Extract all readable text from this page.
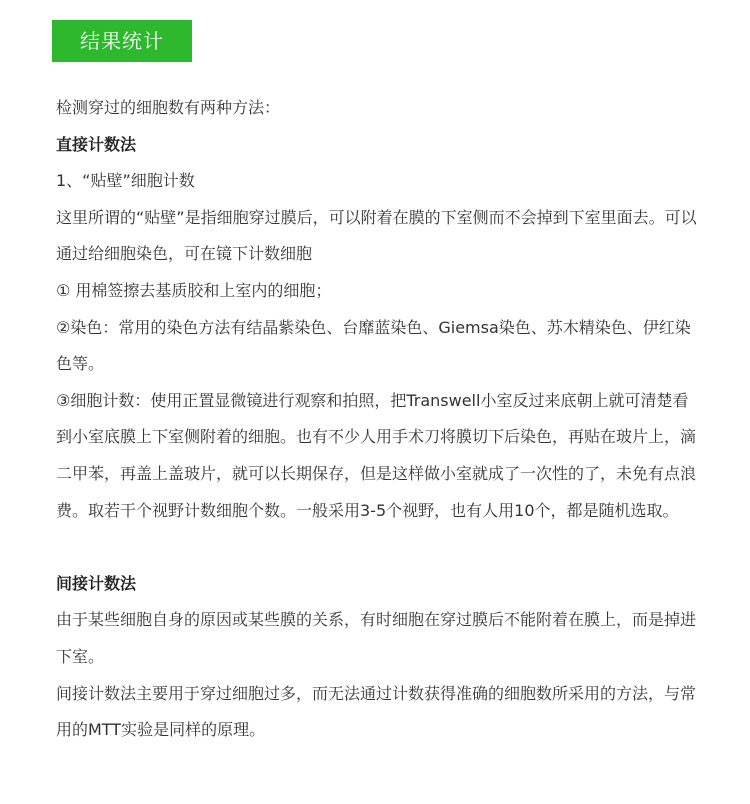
结果统计

检测穿过的细胞数有两种方法：

直接计数法

1、“贴壁”细胞计数

这里所谓的“贴壁”是指细胞穿过膜后，可以附着在膜的下室侧而不会掉到下室里面去。可以通过给细胞染色，可在镜下计数细胞

① 用棉签擦去基质胶和上室内的细胞；

②染色：常用的染色方法有结晶紫染色、台靡蓝染色、Giemsa染色、苏木精染色、伊红染色等。

③细胞计数：使用正置显微镜进行观察和拍照，把Transwell小室反过来底朝上就可清楚看到小室底膜上下室侧附着的细胞。也有不少人用手术刀将膜切下后染色，再贴在玻片上，滴二甲苯，再盖上盖玻片，就可以长期保存，但是这样做小室就成了一次性的了，未免有点浪费。取若干个视野计数细胞个数。一般采用3-5个视野，也有人用10个，都是随机选取。

间接计数法

由于某些细胞自身的原因或某些膜的关系，有时细胞在穿过膜后不能附着在膜上，而是掉进下室。

间接计数法主要用于穿过细胞过多，而无法通过计数获得准确的细胞数所采用的方法，与常用的MTT实验是同样的原理。
